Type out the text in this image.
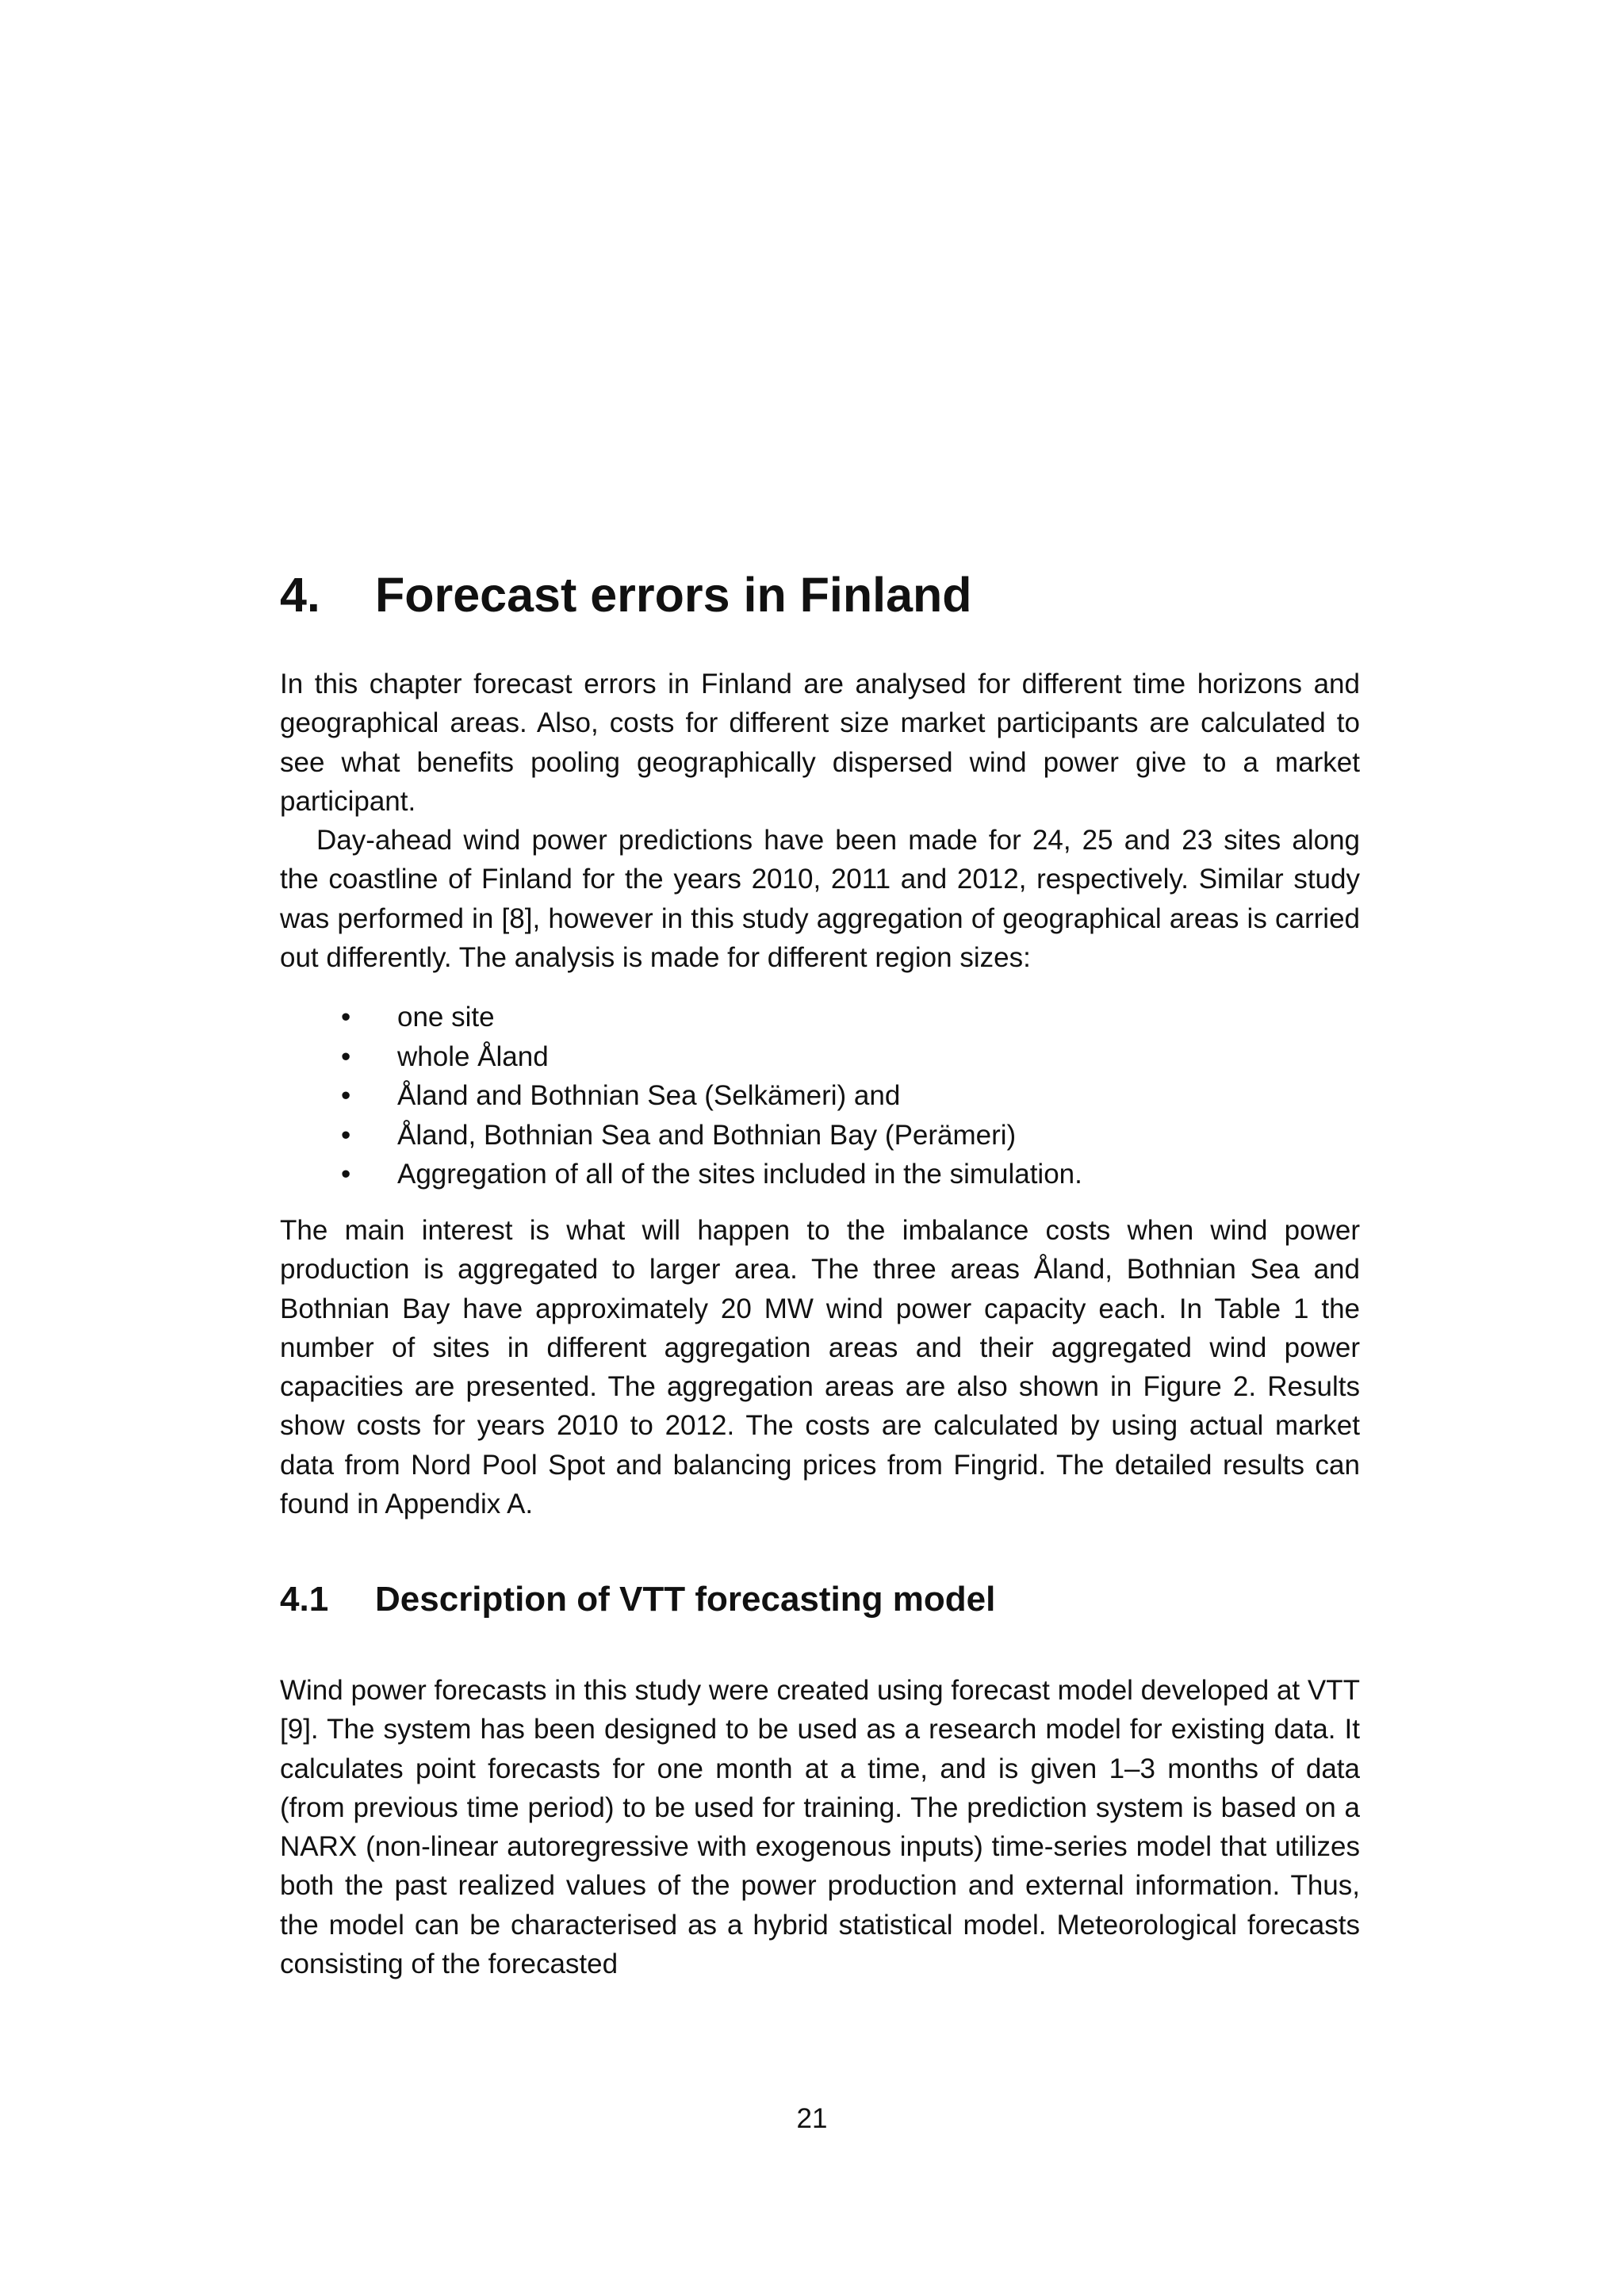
4. Forecast errors in Finland

In this chapter forecast errors in Finland are analysed for different time horizons and geographical areas. Also, costs for different size market participants are calculated to see what benefits pooling geographically dispersed wind power give to a market participant.

Day-ahead wind power predictions have been made for 24, 25 and 23 sites along the coastline of Finland for the years 2010, 2011 and 2012, respectively. Similar study was performed in [8], however in this study aggregation of geographical areas is carried out differently. The analysis is made for different region sizes:

• one site
• whole Åland
• Åland and Bothnian Sea (Selkämeri) and
• Åland, Bothnian Sea and Bothnian Bay (Perämeri)
• Aggregation of all of the sites included in the simulation.

The main interest is what will happen to the imbalance costs when wind power production is aggregated to larger area. The three areas Åland, Bothnian Sea and Bothnian Bay have approximately 20 MW wind power capacity each. In Table 1 the number of sites in different aggregation areas and their aggregated wind power capacities are presented. The aggregation areas are also shown in Figure 2. Results show costs for years 2010 to 2012. The costs are calculated by using actual market data from Nord Pool Spot and balancing prices from Fingrid. The detailed results can found in Appendix A.

4.1 Description of VTT forecasting model

Wind power forecasts in this study were created using forecast model developed at VTT [9]. The system has been designed to be used as a research model for existing data. It calculates point forecasts for one month at a time, and is given 1–3 months of data (from previous time period) to be used for training. The prediction system is based on a NARX (non-linear autoregressive with exogenous inputs) time-series model that utilizes both the past realized values of the power production and external information. Thus, the model can be characterised as a hybrid statistical model. Meteorological forecasts consisting of the forecasted

21
